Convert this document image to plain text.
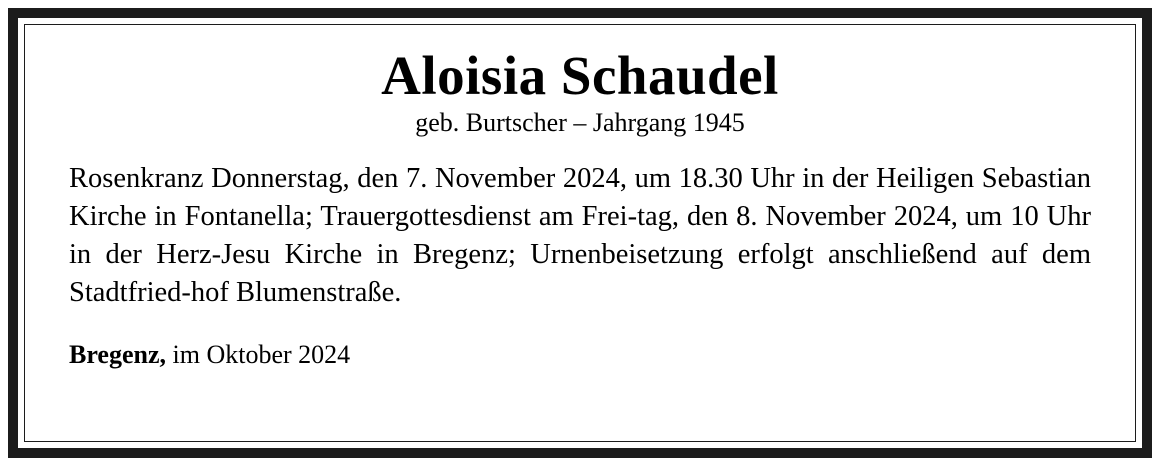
Aloisia Schaudel
geb. Burtscher – Jahrgang 1945
Rosenkranz Donnerstag, den 7. November 2024, um 18.30 Uhr in der Heiligen Sebastian Kirche in Fontanella; Trauergottesdienst am Frei-tag, den 8. November 2024, um 10 Uhr in der Herz-Jesu Kirche in Bregenz; Urnenbeisetzung erfolgt anschließend auf dem Stadtfried-hof Blumenstraße.
Bregenz, im Oktober 2024
